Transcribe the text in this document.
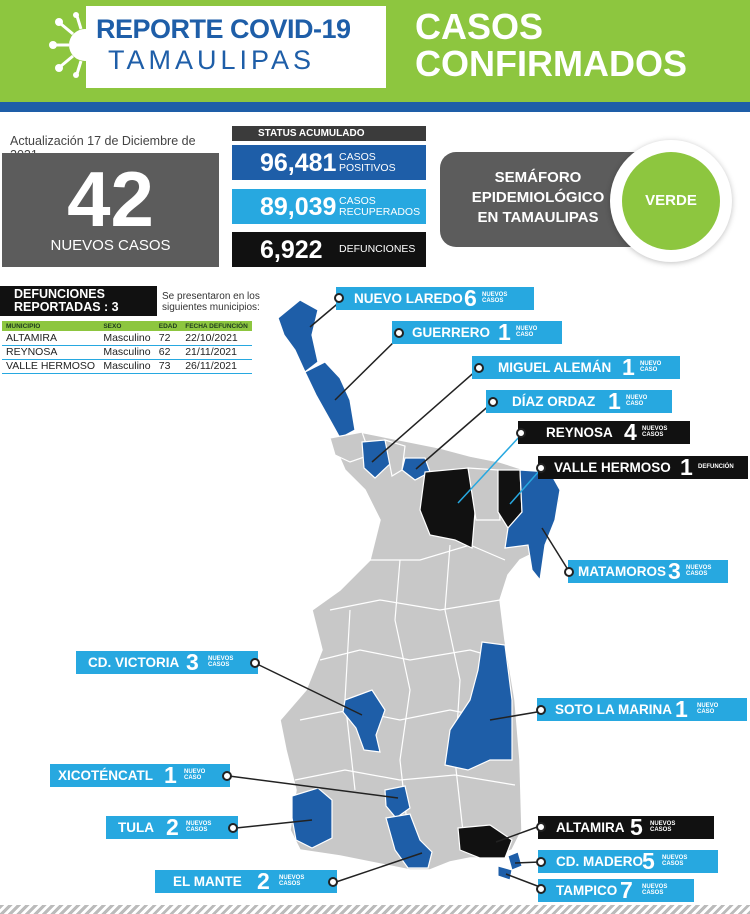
REPORTE COVID-19
TAMAULIPAS
CASOS
CONFIRMADOS
Actualización 17 de Diciembre de
42
NUEVOS CASOS
STATUS ACUMULADO
96,481 CASOS
POSITIVOS
89,039 CASOS
RECUPERADOS
6,922 DEFUNCIONES
SEMÁFORO
EPIDEMIOLÓGICO
EN TAMAULIPAS
VERDE
DEFUNCIONES
REPORTADAS : 3
Se presentaron en los siguientes municipios:
MUNICIPIO	SEXO	EDAD	FECHA DEFUNCIÓN
ALTAMIRA	Masculino	72	22/10/2021
REYNOSA	Masculino	62	21/11/2021
VALLE HERMOSO	Masculino	73	26/11/2021
NUEVO LAREDO 6 NUEVOS
CASOS
GUERRERO 1 NUEVO
CASO
MIGUEL ALEMÁN 1 NUEVO
CASO
DÍAZ ORDAZ 1 NUEVO
CASO
REYNOSA 4 NUEVOS
CASOS
VALLE HERMOSO 1 DEFUNCIÓN
MATAMOROS 3 NUEVOS
CASOS
CD. VICTORIA 3 NUEVOS
CASOS
SOTO LA MARINA 1 NUEVO
CASO
XICOTÉNCATL 1 NUEVO
CASO
TULA 2 NUEVOS
CASOS	ALTAMIRA 5 NUEVOS
CASOS
CD. MADERO 5 NUEVOS
CASOS
EL MANTE 2 NUEVOS
CASOS	TAMPICO 7 NUEVOS
CASOS
